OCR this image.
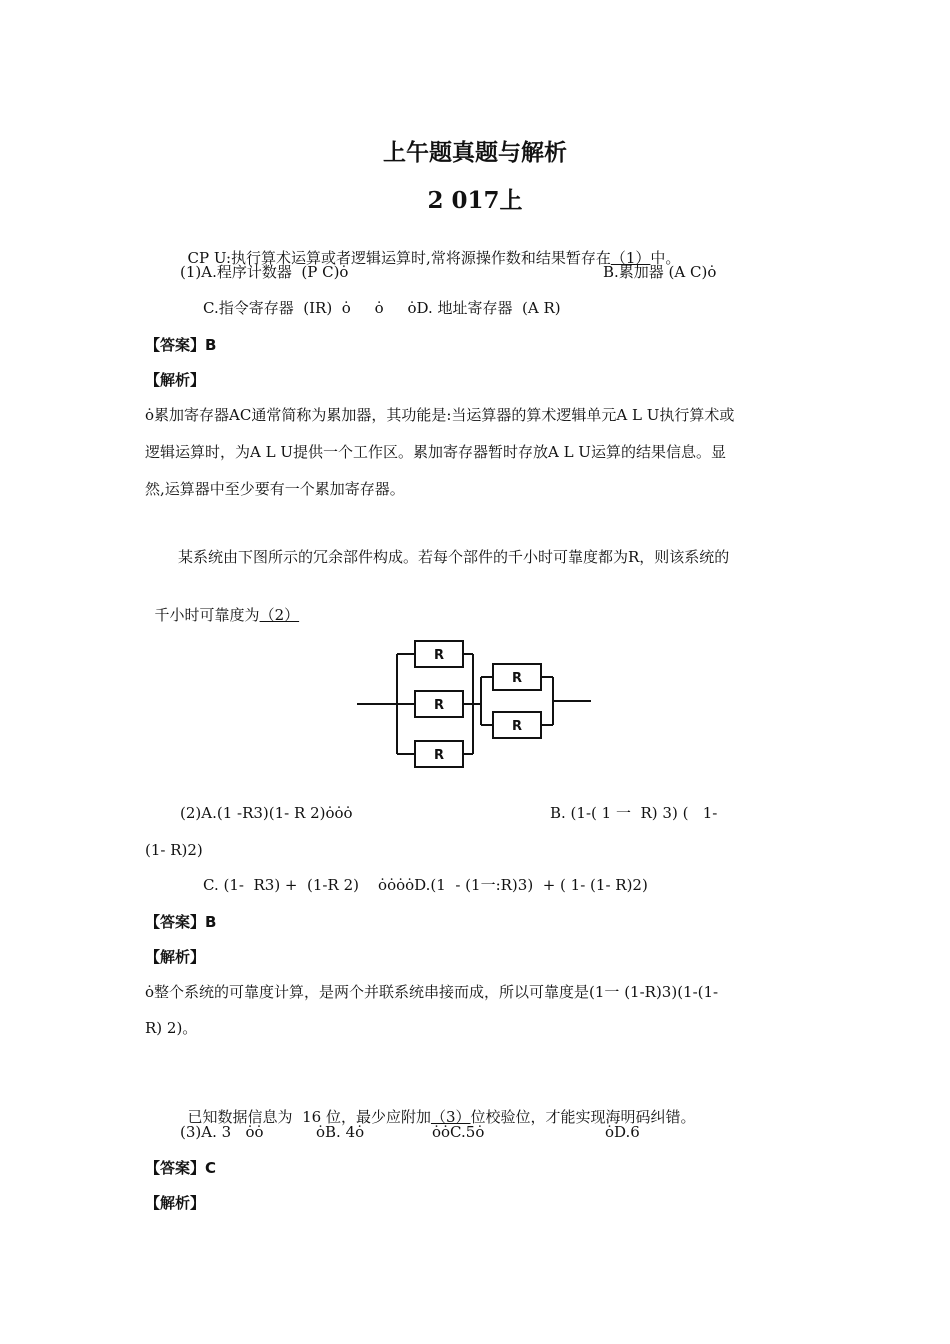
上午题真题与解析
2 017上

CP U:执行算术运算或者逻辑运算时,常将源操作数和结果暂存在（1）中。

(1)A.程序计数器  (P C)ȯ	B.累加器 (A C)ȯ
C.指令寄存器  (IR)  ȯ     ȯ     ȯD. 地址寄存器  (A R)
【答案】B
【解析】
ȯ累加寄存器AC通常简称为累加器，其功能是:当运算器的算术逻辑单元A L U执行算术或
逻辑运算时，为A L U提供一个工作区。累加寄存器暂时存放A L U运算的结果信息。显
然,运算器中至少要有一个累加寄存器。
某系统由下图所示的冗余部件构成。若每个部件的千小时可靠度都为R，则该系统的

千小时可靠度为（2）

R
R
R
R
R
(2)A.(1 -R3)(1- R 2)ȯȯȯ	B. (1-( 1 一  R) 3) (   1-
(1- R)2)
C. (1-  R3) +  (1-R 2)    ȯȯȯȯD.(1  - (1一:R)3)  + ( 1- (1- R)2)
【答案】B
【解析】
ȯ整个系统的可靠度计算，是两个并联系统串接而成，所以可靠度是(1一 (1-R)3)(1-(1-
R) 2)。

已知数据信息为  16 位，最少应附加（3）位校验位，才能实现海明码纠错。

(3)A. 3   ȯȯ	ȯB. 4ȯ	ȯȯC.5ȯ	ȯD.6
【答案】C
【解析】
